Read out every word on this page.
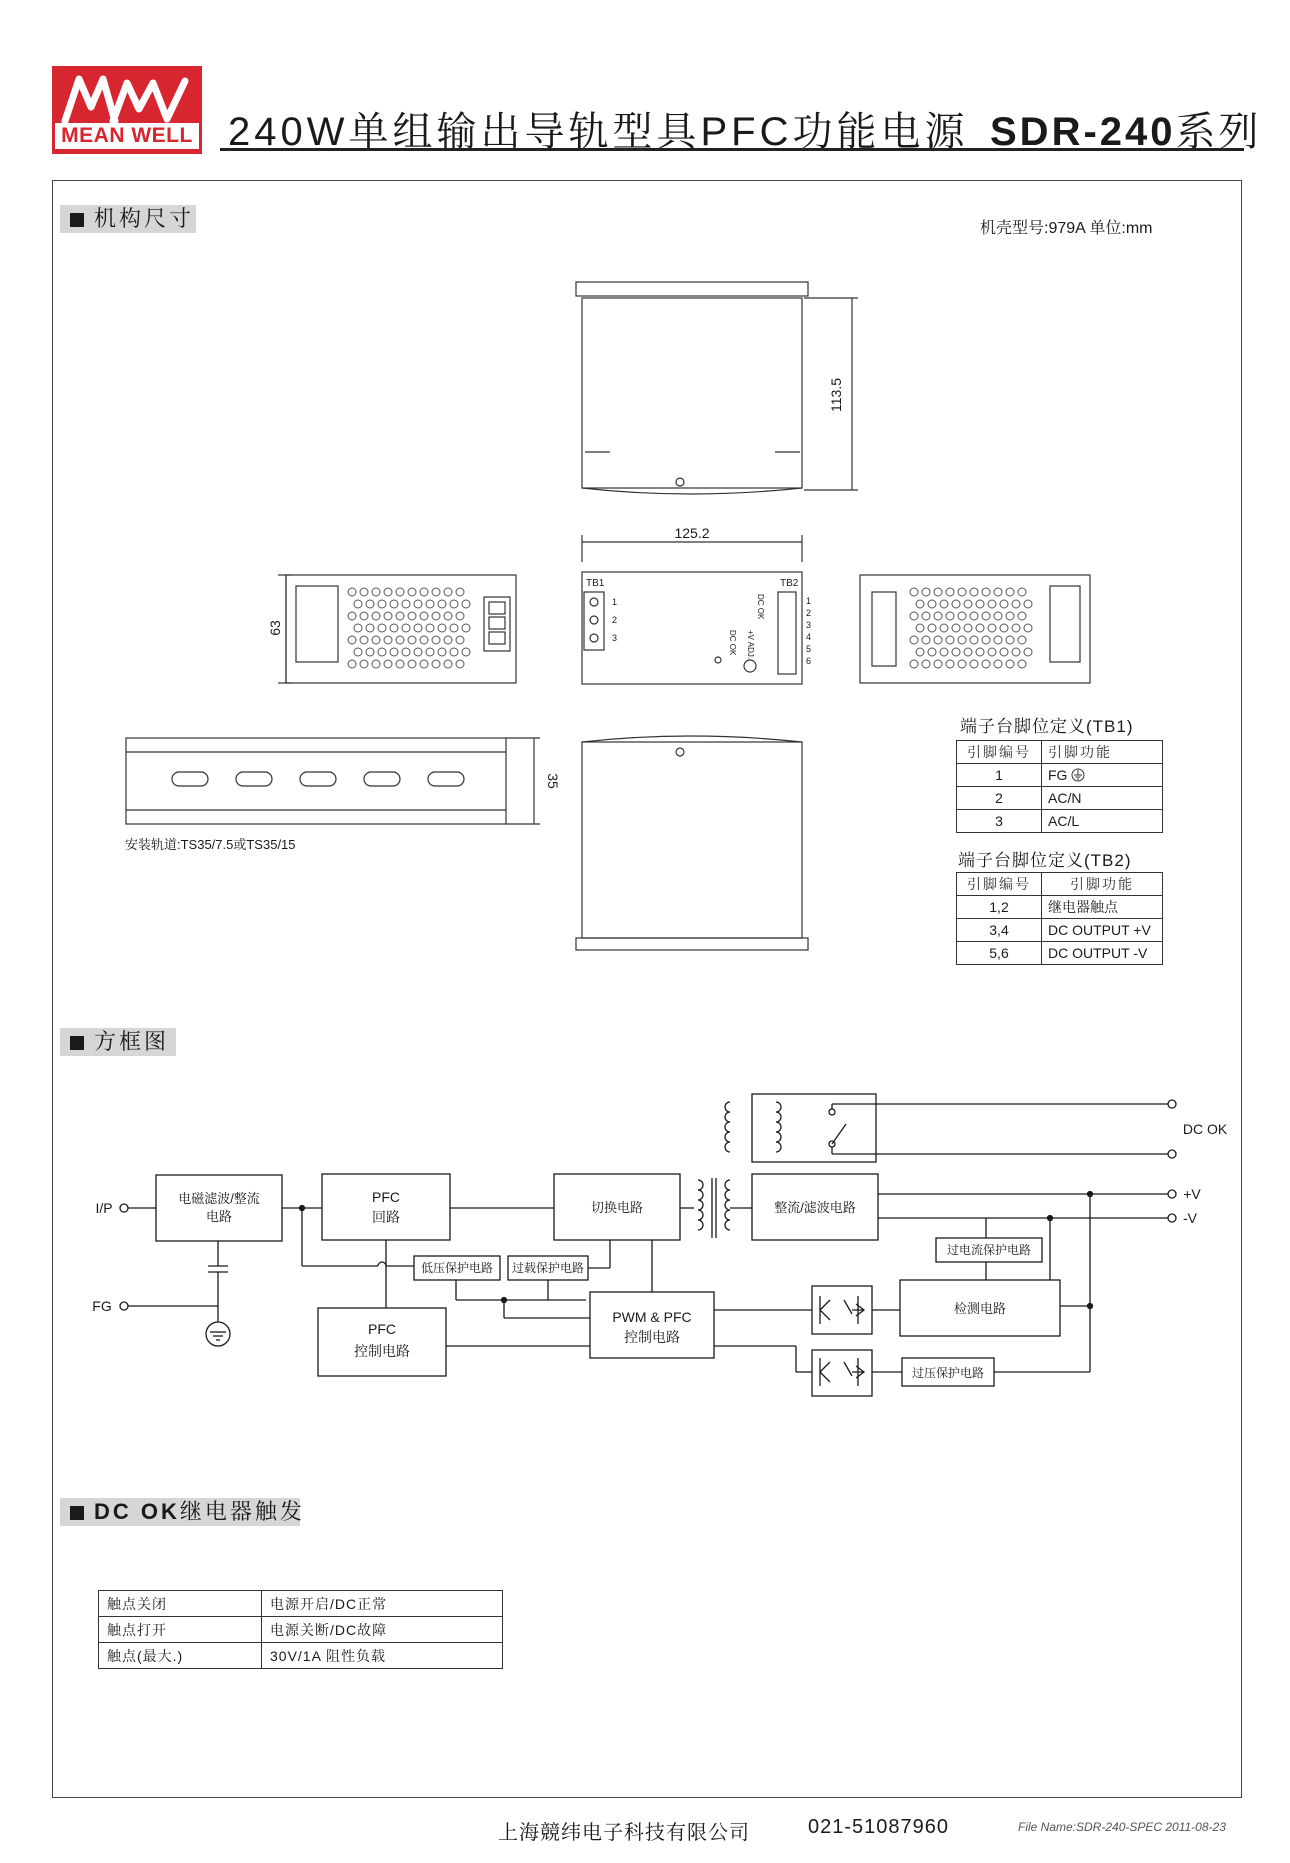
MEAN WELL 240W单组输出导轨型具PFC功能电源 SDR-240系列
机构尺寸	机壳型号:979A 单位:mm
113.5
125.2
63
35
TB1	TB2
1
2
3
1
2
3
4
5
6
DC OK
+V ADJ.
DC OK
安装轨道:TS35/7.5或TS35/15
端子台脚位定义(TB1)
引脚编号	引脚功能
1	FG
2	AC/N
3	AC/L
端子台脚位定义(TB2)
引脚编号	引脚功能
1,2	继电器触点
3,4	DC OUTPUT +V
5,6	DC OUTPUT -V
方框图
I/P
FG
电磁滤波/整流
电路
PFC
回路
切换电路	整流/滤波电路
低压保护电路 过载保护电路
PFC
控制电路
PWM & PFC
控制电路
过电流保护电路
检测电路
过压保护电路
DC OK
+V
-V
DC OK继电器触发
触点关闭	电源开启/DC正常
触点打开	电源关断/DC故障
触点(最大.)	30V/1A 阻性负载
上海競纬电子科技有限公司	021-51087960	File Name:SDR-240-SPEC 2011-08-23
